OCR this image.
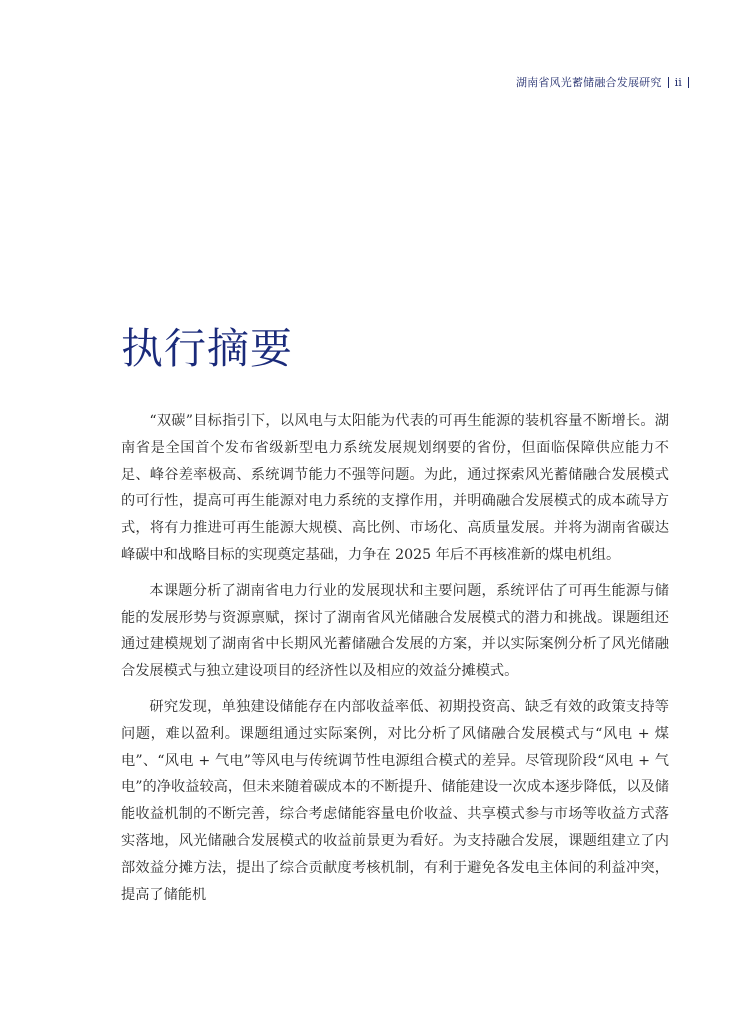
湖南省风光蓄储融合发展研究 ii
执行摘要

“双碳”目标指引下，以风电与太阳能为代表的可再生能源的装机容量不断增长。湖南省是全国首个发布省级新型电力系统发展规划纲要的省份，但面临保障供应能力不足、峰谷差率极高、系统调节能力不强等问题。为此，通过探索风光蓄储融合发展模式的可行性，提高可再生能源对电力系统的支撑作用，并明确融合发展模式的成本疏导方式，将有力推进可再生能源大规模、高比例、市场化、高质量发展。并将为湖南省碳达峰碳中和战略目标的实现奠定基础，力争在 2025 年后不再核准新的煤电机组。

本课题分析了湖南省电力行业的发展现状和主要问题，系统评估了可再生能源与储能的发展形势与资源禀赋，探讨了湖南省风光储融合发展模式的潜力和挑战。课题组还通过建模规划了湖南省中长期风光蓄储融合发展的方案，并以实际案例分析了风光储融合发展模式与独立建设项目的经济性以及相应的效益分摊模式。

研究发现，单独建设储能存在内部收益率低、初期投资高、缺乏有效的政策支持等问题，难以盈利。课题组通过实际案例，对比分析了风储融合发展模式与“风电 + 煤电”、“风电 + 气电”等风电与传统调节性电源组合模式的差异。尽管现阶段“风电 + 气电”的净收益较高，但未来随着碳成本的不断提升、储能建设一次成本逐步降低，以及储能收益机制的不断完善，综合考虑储能容量电价收益、共享模式参与市场等收益方式落实落地，风光储融合发展模式的收益前景更为看好。为支持融合发展，课题组建立了内部效益分摊方法，提出了综合贡献度考核机制，有利于避免各发电主体间的利益冲突，提高了储能机
